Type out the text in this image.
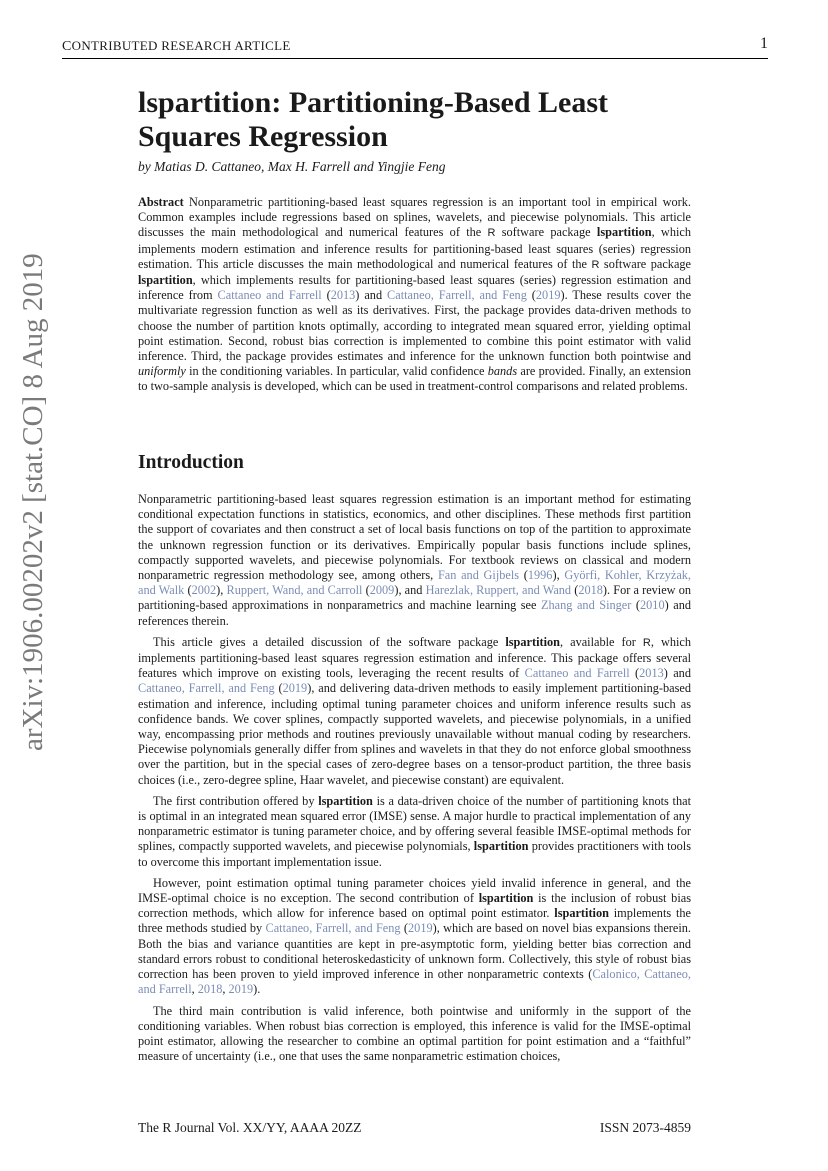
CONTRIBUTED RESEARCH ARTICLE	1
arXiv:1906.00202v2 [stat.CO] 8 Aug 2019
lspartition: Partitioning-Based Least
Squares Regression
by Matias D. Cattaneo, Max H. Farrell and Yingjie Feng
Abstract Nonparametric partitioning-based least squares regression is an important tool in empirical work. Common examples include regressions based on splines, wavelets, and piecewise polynomials. This article discusses the main methodological and numerical features of the R software package lspartition, which implements modern estimation and inference results for partitioning-based least squares (series) regression estimation. This article discusses the main methodological and numerical features of the R software package lspartition, which implements results for partitioning-based least squares (series) regression estimation and inference from Cattaneo and Farrell (2013) and Cattaneo, Farrell, and Feng (2019). These results cover the multivariate regression function as well as its derivatives. First, the package provides data-driven methods to choose the number of partition knots optimally, according to integrated mean squared error, yielding optimal point estimation. Second, robust bias correction is implemented to combine this point estimator with valid inference. Third, the package provides estimates and inference for the unknown function both pointwise and uniformly in the conditioning variables. In particular, valid confidence bands are provided. Finally, an extension to two-sample analysis is developed, which can be used in treatment-control comparisons and related problems.
Introduction

Nonparametric partitioning-based least squares regression estimation is an important method for estimating conditional expectation functions in statistics, economics, and other disciplines. These methods first partition the support of covariates and then construct a set of local basis functions on top of the partition to approximate the unknown regression function or its derivatives. Empirically popular basis functions include splines, compactly supported wavelets, and piecewise polynomials. For textbook reviews on classical and modern nonparametric regression methodology see, among others, Fan and Gijbels (1996), Györfi, Kohler, Krzyżak, and Walk (2002), Ruppert, Wand, and Carroll (2009), and Harezlak, Ruppert, and Wand (2018). For a review on partitioning-based approximations in nonparametrics and machine learning see Zhang and Singer (2010) and references therein.

This article gives a detailed discussion of the software package lspartition, available for R, which implements partitioning-based least squares regression estimation and inference. This package offers several features which improve on existing tools, leveraging the recent results of Cattaneo and Farrell (2013) and Cattaneo, Farrell, and Feng (2019), and delivering data-driven methods to easily implement partitioning-based estimation and inference, including optimal tuning parameter choices and uniform inference results such as confidence bands. We cover splines, compactly supported wavelets, and piecewise polynomials, in a unified way, encompassing prior methods and routines previously unavailable without manual coding by researchers. Piecewise polynomials generally differ from splines and wavelets in that they do not enforce global smoothness over the partition, but in the special cases of zero-degree bases on a tensor-product partition, the three basis choices (i.e., zero-degree spline, Haar wavelet, and piecewise constant) are equivalent.

The first contribution offered by lspartition is a data-driven choice of the number of partitioning knots that is optimal in an integrated mean squared error (IMSE) sense. A major hurdle to practical implementation of any nonparametric estimator is tuning parameter choice, and by offering several feasible IMSE-optimal methods for splines, compactly supported wavelets, and piecewise polynomials, lspartition provides practitioners with tools to overcome this important implementation issue.

However, point estimation optimal tuning parameter choices yield invalid inference in general, and the IMSE-optimal choice is no exception. The second contribution of lspartition is the inclusion of robust bias correction methods, which allow for inference based on optimal point estimator. lspartition implements the three methods studied by Cattaneo, Farrell, and Feng (2019), which are based on novel bias expansions therein. Both the bias and variance quantities are kept in pre-asymptotic form, yielding better bias correction and standard errors robust to conditional heteroskedasticity of unknown form. Collectively, this style of robust bias correction has been proven to yield improved inference in other nonparametric contexts (Calonico, Cattaneo, and Farrell, 2018, 2019).

The third main contribution is valid inference, both pointwise and uniformly in the support of the conditioning variables. When robust bias correction is employed, this inference is valid for the IMSE-optimal point estimator, allowing the researcher to combine an optimal partition for point estimation and a “faithful” measure of uncertainty (i.e., one that uses the same nonparametric estimation choices,

The R Journal Vol. XX/YY, AAAA 20ZZ	ISSN 2073-4859
